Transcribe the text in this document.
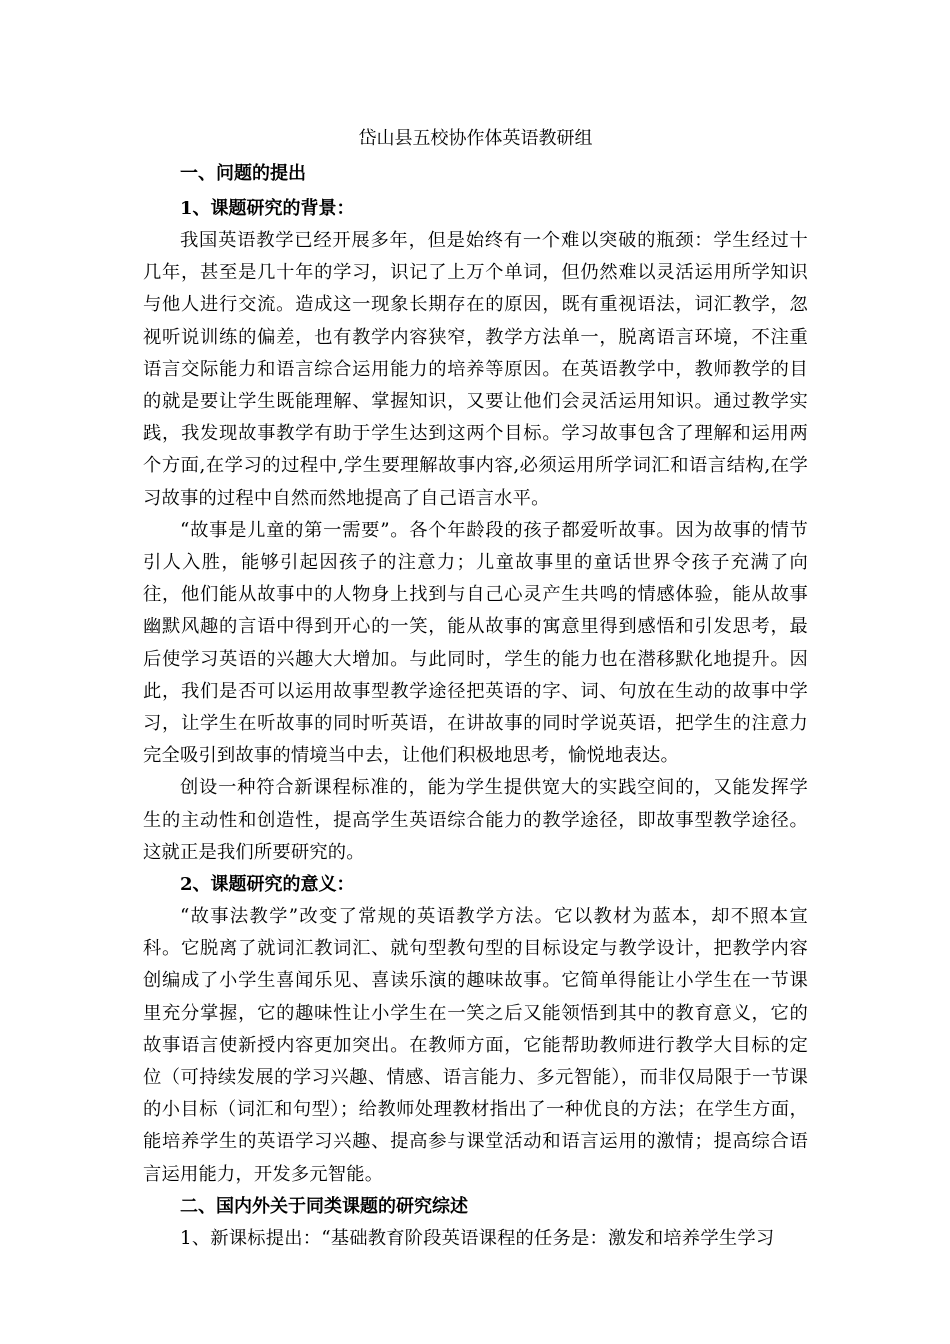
岱山县五校协作体英语教研组

一、问题的提出

1、课题研究的背景：

我国英语教学已经开展多年，但是始终有一个难以突破的瓶颈：学生经过十几年，甚至是几十年的学习，识记了上万个单词，但仍然难以灵活运用所学知识与他人进行交流。造成这一现象长期存在的原因，既有重视语法，词汇教学，忽视听说训练的偏差，也有教学内容狭窄，教学方法单一，脱离语言环境，不注重语言交际能力和语言综合运用能力的培养等原因。在英语教学中，教师教学的目的就是要让学生既能理解、掌握知识，又要让他们会灵活运用知识。通过教学实践，我发现故事教学有助于学生达到这两个目标。学习故事包含了理解和运用两个方面,在学习的过程中,学生要理解故事内容,必须运用所学词汇和语言结构,在学习故事的过程中自然而然地提高了自己语言水平。

“故事是儿童的第一需要”。各个年龄段的孩子都爱听故事。因为故事的情节引人入胜，能够引起因孩子的注意力；儿童故事里的童话世界令孩子充满了向往，他们能从故事中的人物身上找到与自己心灵产生共鸣的情感体验，能从故事幽默风趣的言语中得到开心的一笑，能从故事的寓意里得到感悟和引发思考，最后使学习英语的兴趣大大增加。与此同时，学生的能力也在潜移默化地提升。因此，我们是否可以运用故事型教学途径把英语的字、词、句放在生动的故事中学习，让学生在听故事的同时听英语，在讲故事的同时学说英语，把学生的注意力完全吸引到故事的情境当中去，让他们积极地思考，愉悦地表达。

创设一种符合新课程标准的，能为学生提供宽大的实践空间的，又能发挥学生的主动性和创造性，提高学生英语综合能力的教学途径，即故事型教学途径。这就正是我们所要研究的。

2、课题研究的意义：

“故事法教学”改变了常规的英语教学方法。它以教材为蓝本，却不照本宣科。它脱离了就词汇教词汇、就句型教句型的目标设定与教学设计，把教学内容创编成了小学生喜闻乐见、喜读乐演的趣味故事。它简单得能让小学生在一节课里充分掌握，它的趣味性让小学生在一笑之后又能领悟到其中的教育意义，它的故事语言使新授内容更加突出。在教师方面，它能帮助教师进行教学大目标的定位（可持续发展的学习兴趣、情感、语言能力、多元智能），而非仅局限于一节课的小目标（词汇和句型）；给教师处理教材指出了一种优良的方法；在学生方面，能培养学生的英语学习兴趣、提高参与课堂活动和语言运用的激情；提高综合语言运用能力，开发多元智能。

二、国内外关于同类课题的研究综述

1、新课标提出：“基础教育阶段英语课程的任务是：激发和培养学生学习
